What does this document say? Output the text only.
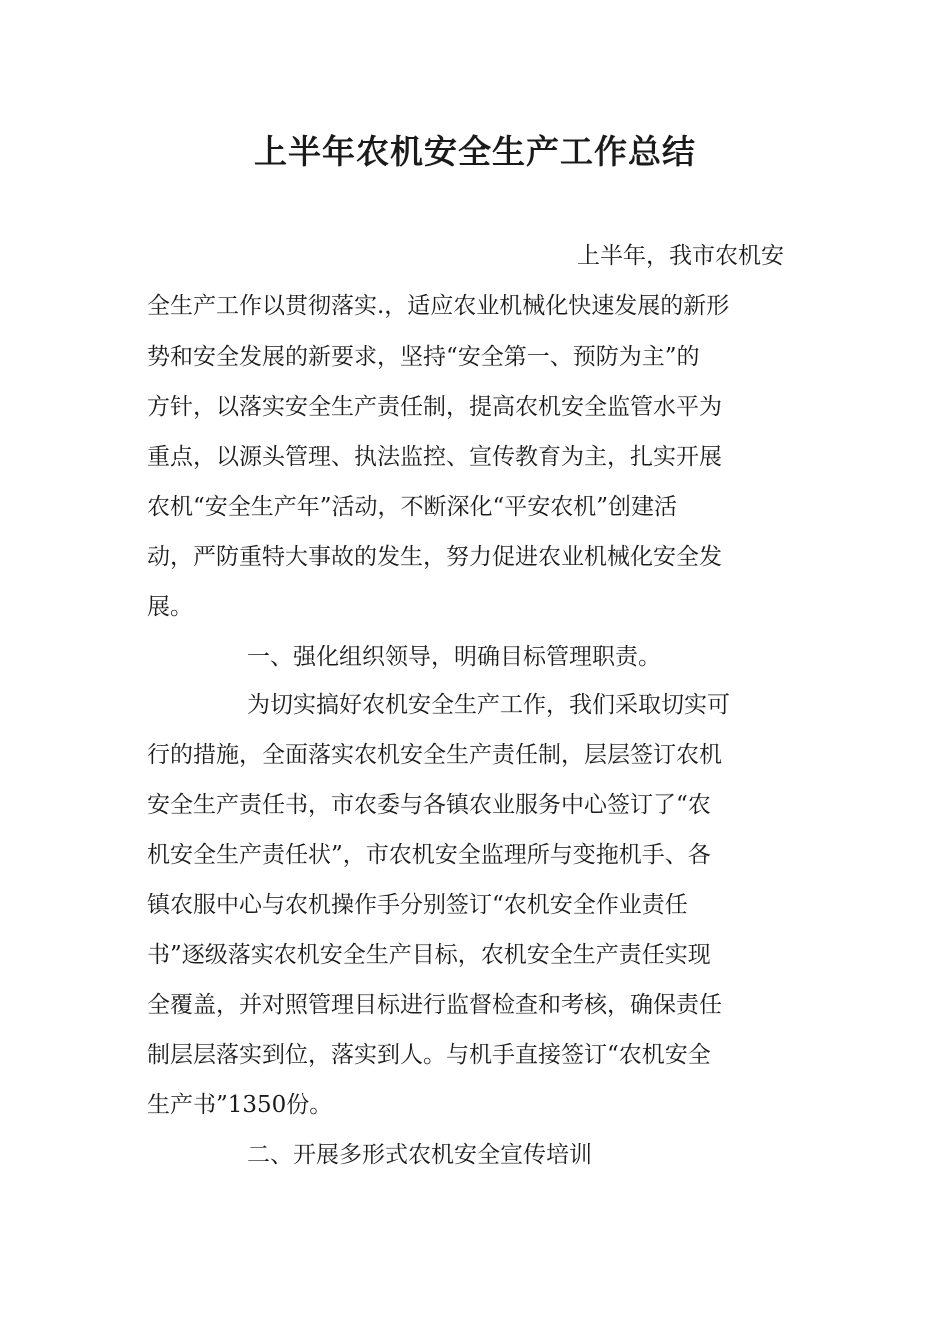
上半年农机安全生产工作总结

上半年，我市农机安

全生产工作以贯彻落实.，适应农业机械化快速发展的新形

势和安全发展的新要求，坚持“安全第一、预防为主”的

方针，以落实安全生产责任制，提高农机安全监管水平为

重点，以源头管理、执法监控、宣传教育为主，扎实开展

农机“安全生产年”活动，不断深化“平安农机”创建活

动，严防重特大事故的发生，努力促进农业机械化安全发

展。

一、强化组织领导，明确目标管理职责。

为切实搞好农机安全生产工作，我们采取切实可

行的措施，全面落实农机安全生产责任制，层层签订农机

安全生产责任书，市农委与各镇农业服务中心签订了“农

机安全生产责任状”，市农机安全监理所与变拖机手、各

镇农服中心与农机操作手分别签订“农机安全作业责任

书”逐级落实农机安全生产目标，农机安全生产责任实现

全覆盖，并对照管理目标进行监督检查和考核，确保责任

制层层落实到位，落实到人。与机手直接签订“农机安全

生产书”1350份。

二、开展多形式农机安全宣传培训
